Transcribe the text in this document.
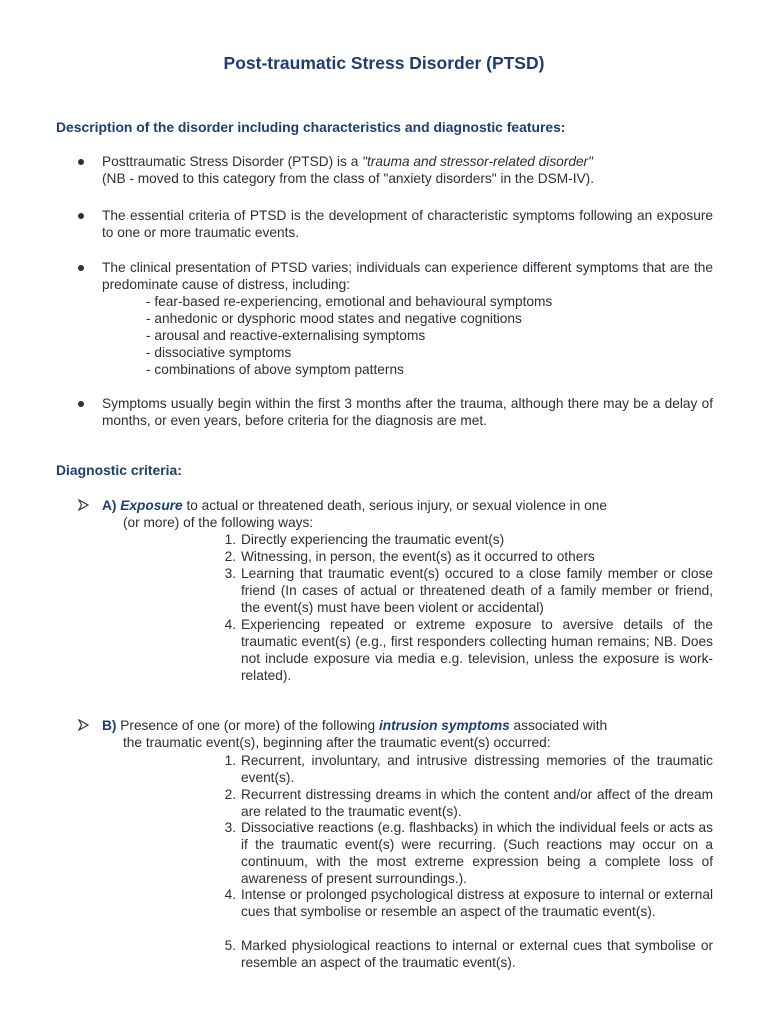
Post-traumatic Stress Disorder (PTSD)
Description of the disorder including characteristics and diagnostic features:
Posttraumatic Stress Disorder (PTSD) is a "trauma and stressor-related disorder"
(NB - moved to this category from the class of "anxiety disorders" in the DSM-IV).
The essential criteria of PTSD is the development of characteristic symptoms following an exposure to one or more traumatic events.
The clinical presentation of PTSD varies; individuals can experience different symptoms that are the predominate cause of distress, including:
- fear-based re-experiencing, emotional and behavioural symptoms
- anhedonic or dysphoric mood states and negative cognitions
- arousal and reactive-externalising symptoms
- dissociative symptoms
- combinations of above symptom patterns
Symptoms usually begin within the first 3 months after the trauma, although there may be a delay of months, or even years, before criteria for the diagnosis are met.
Diagnostic criteria:
A) Exposure to actual or threatened death, serious injury, or sexual violence in one
(or more) of the following ways:
1. Directly experiencing the traumatic event(s)
2. Witnessing, in person, the event(s) as it occurred to others
3. Learning that traumatic event(s) occured to a close family member or close friend (In cases of actual or threatened death of a family member or friend, the event(s) must have been violent or accidental)
4. Experiencing repeated or extreme exposure to aversive details of the traumatic event(s) (e.g., first responders collecting human remains; NB. Does not include exposure via media e.g. television, unless the exposure is work-related).
B) Presence of one (or more) of the following intrusion symptoms associated with
the traumatic event(s), beginning after the traumatic event(s) occurred:
1. Recurrent, involuntary, and intrusive distressing memories of the traumatic event(s).
2. Recurrent distressing dreams in which the content and/or affect of the dream are related to the traumatic event(s).
3. Dissociative reactions (e.g. flashbacks) in which the individual feels or acts as if the traumatic event(s) were recurring. (Such reactions may occur on a continuum, with the most extreme expression being a complete loss of awareness of present surroundings.).
4. Intense or prolonged psychological distress at exposure to internal or external cues that symbolise or resemble an aspect of the traumatic event(s).
5. Marked physiological reactions to internal or external cues that symbolise or resemble an aspect of the traumatic event(s).
